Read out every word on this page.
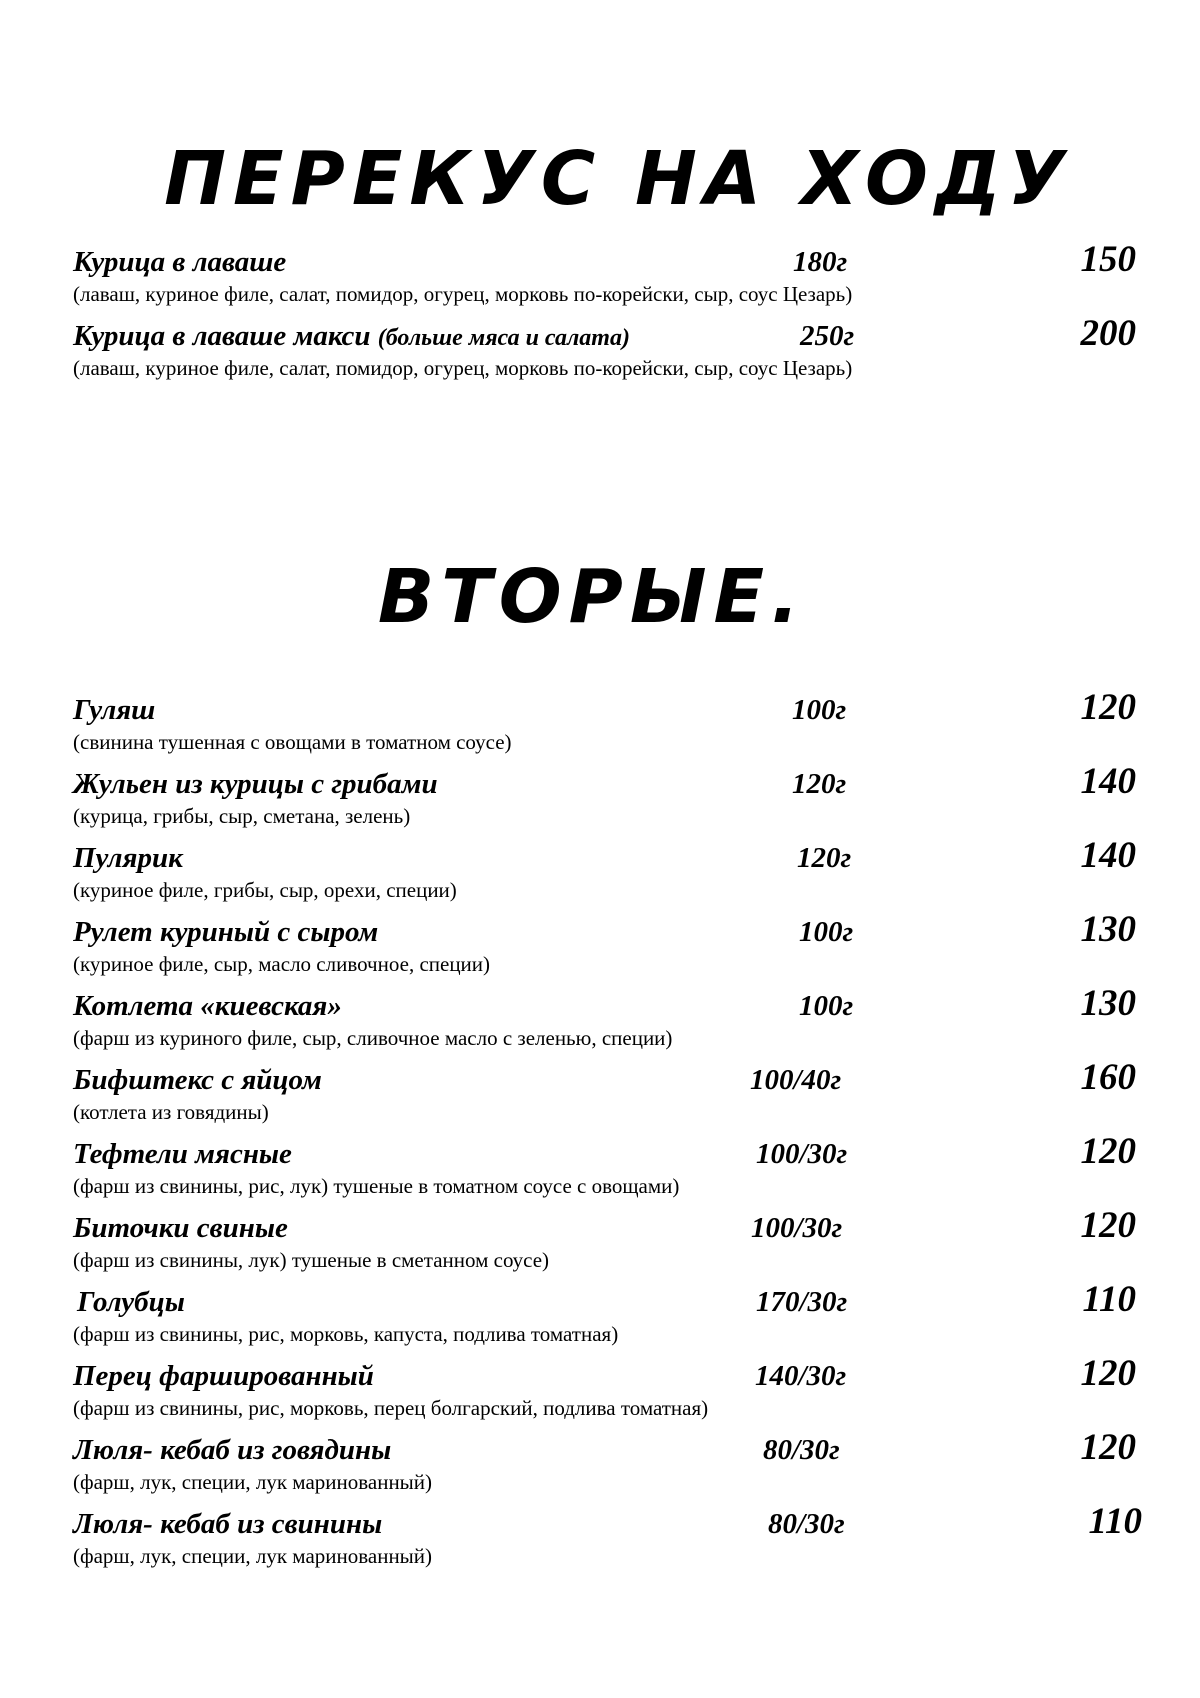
ПЕРЕКУС НА ХОДУ
Курица в лаваше	180г	150
(лаваш, куриное филе, салат, помидор, огурец, морковь по-корейски, сыр, соус Цезарь)
Курица в лаваше макси (больше мяса и салата)	250г	200
(лаваш, куриное филе, салат, помидор, огурец, морковь по-корейски, сыр, соус Цезарь)
ВТОРЫЕ.
Гуляш	100г	120
(свинина тушенная с овощами в томатном соусе)
Жульен из курицы с грибами	120г	140
(курица, грибы, сыр, сметана, зелень)
Пулярик	120г	140
(куриное филе, грибы, сыр, орехи, специи)
Рулет куриный с сыром	100г	130
(куриное филе, сыр, масло сливочное, специи)
Котлета «киевская»	100г	130
(фарш из куриного филе, сыр, сливочное масло с зеленью, специи)
Бифштекс с яйцом	100/40г	160
(котлета из говядины)
Тефтели мясные	100/30г	120
(фарш из свинины, рис, лук) тушеные в томатном соусе с овощами)
Биточки свиные	100/30г	120
(фарш из свинины, лук) тушеные в сметанном соусе)
Голубцы	170/30г	110
(фарш из свинины, рис, морковь, капуста, подлива томатная)
Перец фаршированный	140/30г	120
(фарш из свинины, рис, морковь, перец болгарский, подлива томатная)
Люля- кебаб из говядины	80/30г	120
(фарш, лук, специи, лук маринованный)
Люля- кебаб из свинины	80/30г	110
(фарш, лук, специи, лук маринованный)
